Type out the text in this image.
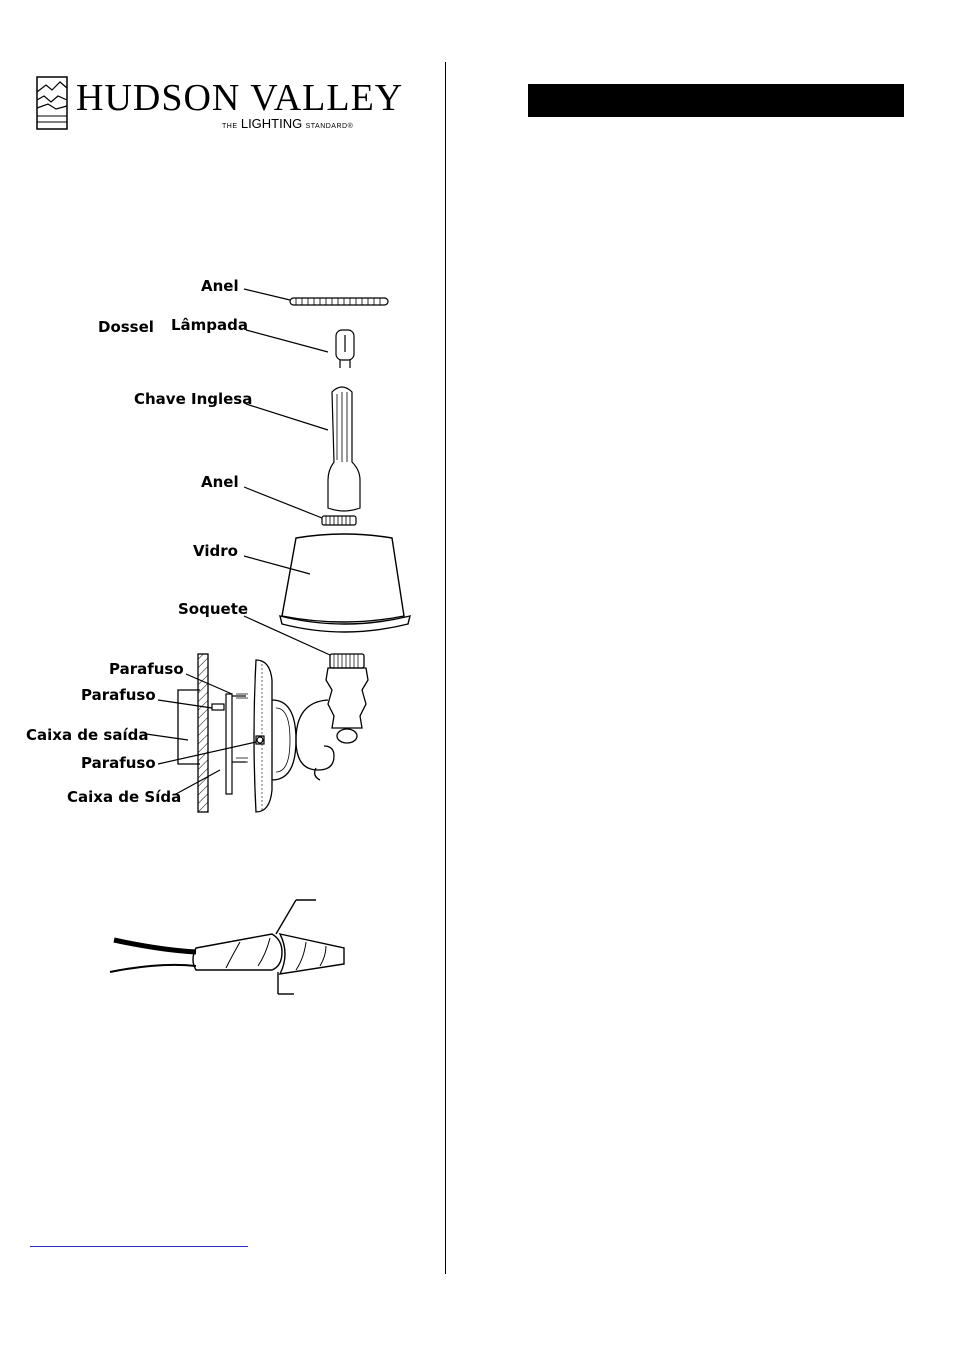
HUDSON VALLEY
THE LIGHTING STANDARD®
Anel
Dossel Lâmpada
Chave Inglesa
Anel
Vidro
Soquete
Parafuso
Parafuso
Caixa de saída
Parafuso
Caixa de Sída
